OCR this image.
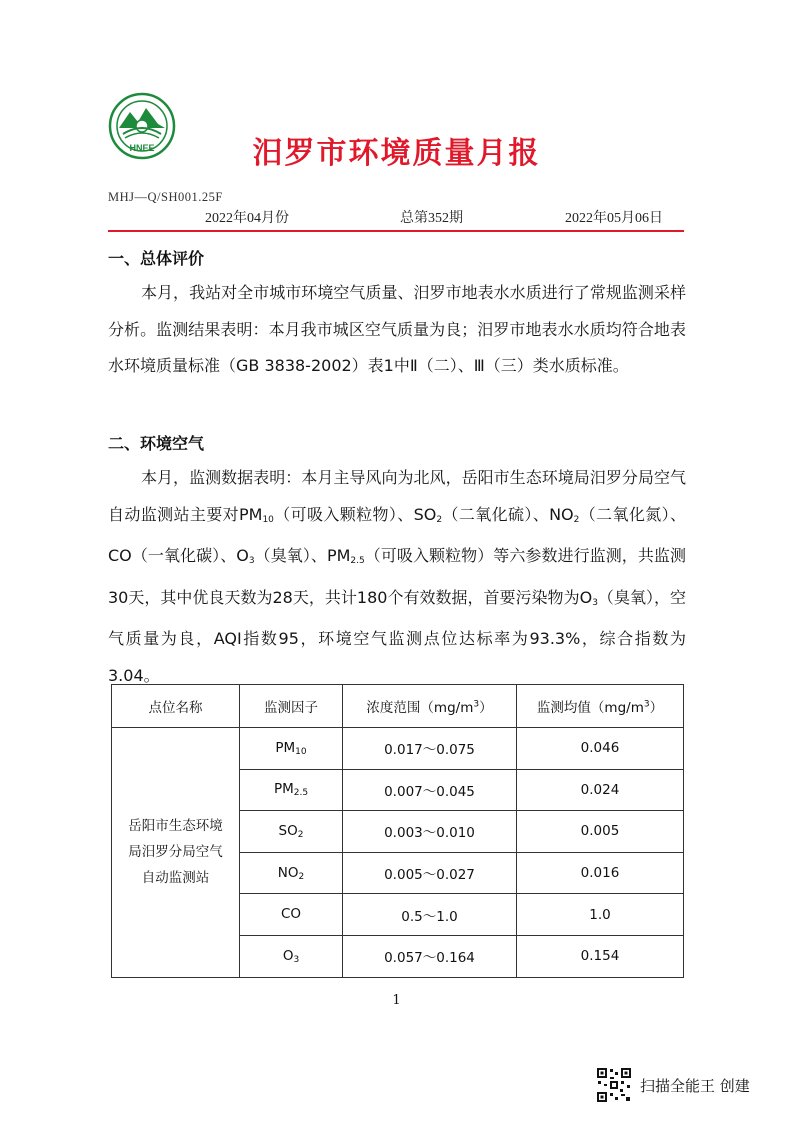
HNEE	汨罗市环境质量月报
MHJ—Q/SH001.25F
2022年04月份	总第352期	2022年05月06日
一、总体评价
本月，我站对全市城市环境空气质量、汨罗市地表水水质进行了常规监测采样分析。监测结果表明：本月我市城区空气质量为良；汨罗市地表水水质均符合地表水环境质量标准（GB 3838-2002）表1中Ⅱ（二）、Ⅲ（三）类水质标准。
二、环境空气
本月，监测数据表明：本月主导风向为北风，岳阳市生态环境局汨罗分局空气自动监测站主要对$PM_{10}$（可吸入颗粒物）、$SO_2$（二氧化硫）、$NO_2$（二氧化氮）、CO（一氧化碳）、$O_3$（臭氧）、$PM_{2.5}$（可吸入颗粒物）等六参数进行监测，共监测30天，其中优良天数为28天，共计180个有效数据，首要污染物为$O_3$（臭氧），空气质量为良，AQI指数95，环境空气监测点位达标率为93.3%，综合指数为3.04。
点位名称	监测因子	浓度范围$(mg/m^3)$	监测均值$(mg/m^3)$
岳阳市生态环境
局汨罗分局空气
自动监测站	$PM_{10}$	0.017～0.075	0.046
	$PM_{2.5}$	0.007～0.045	0.024
	$SO_2$	0.003～0.010	0.005
	$NO_2$	0.005～0.027	0.016
	CO	0.5～1.0	1.0
	$O_3$	0.057～0.164	0.154
1
扫描全能王 创建
